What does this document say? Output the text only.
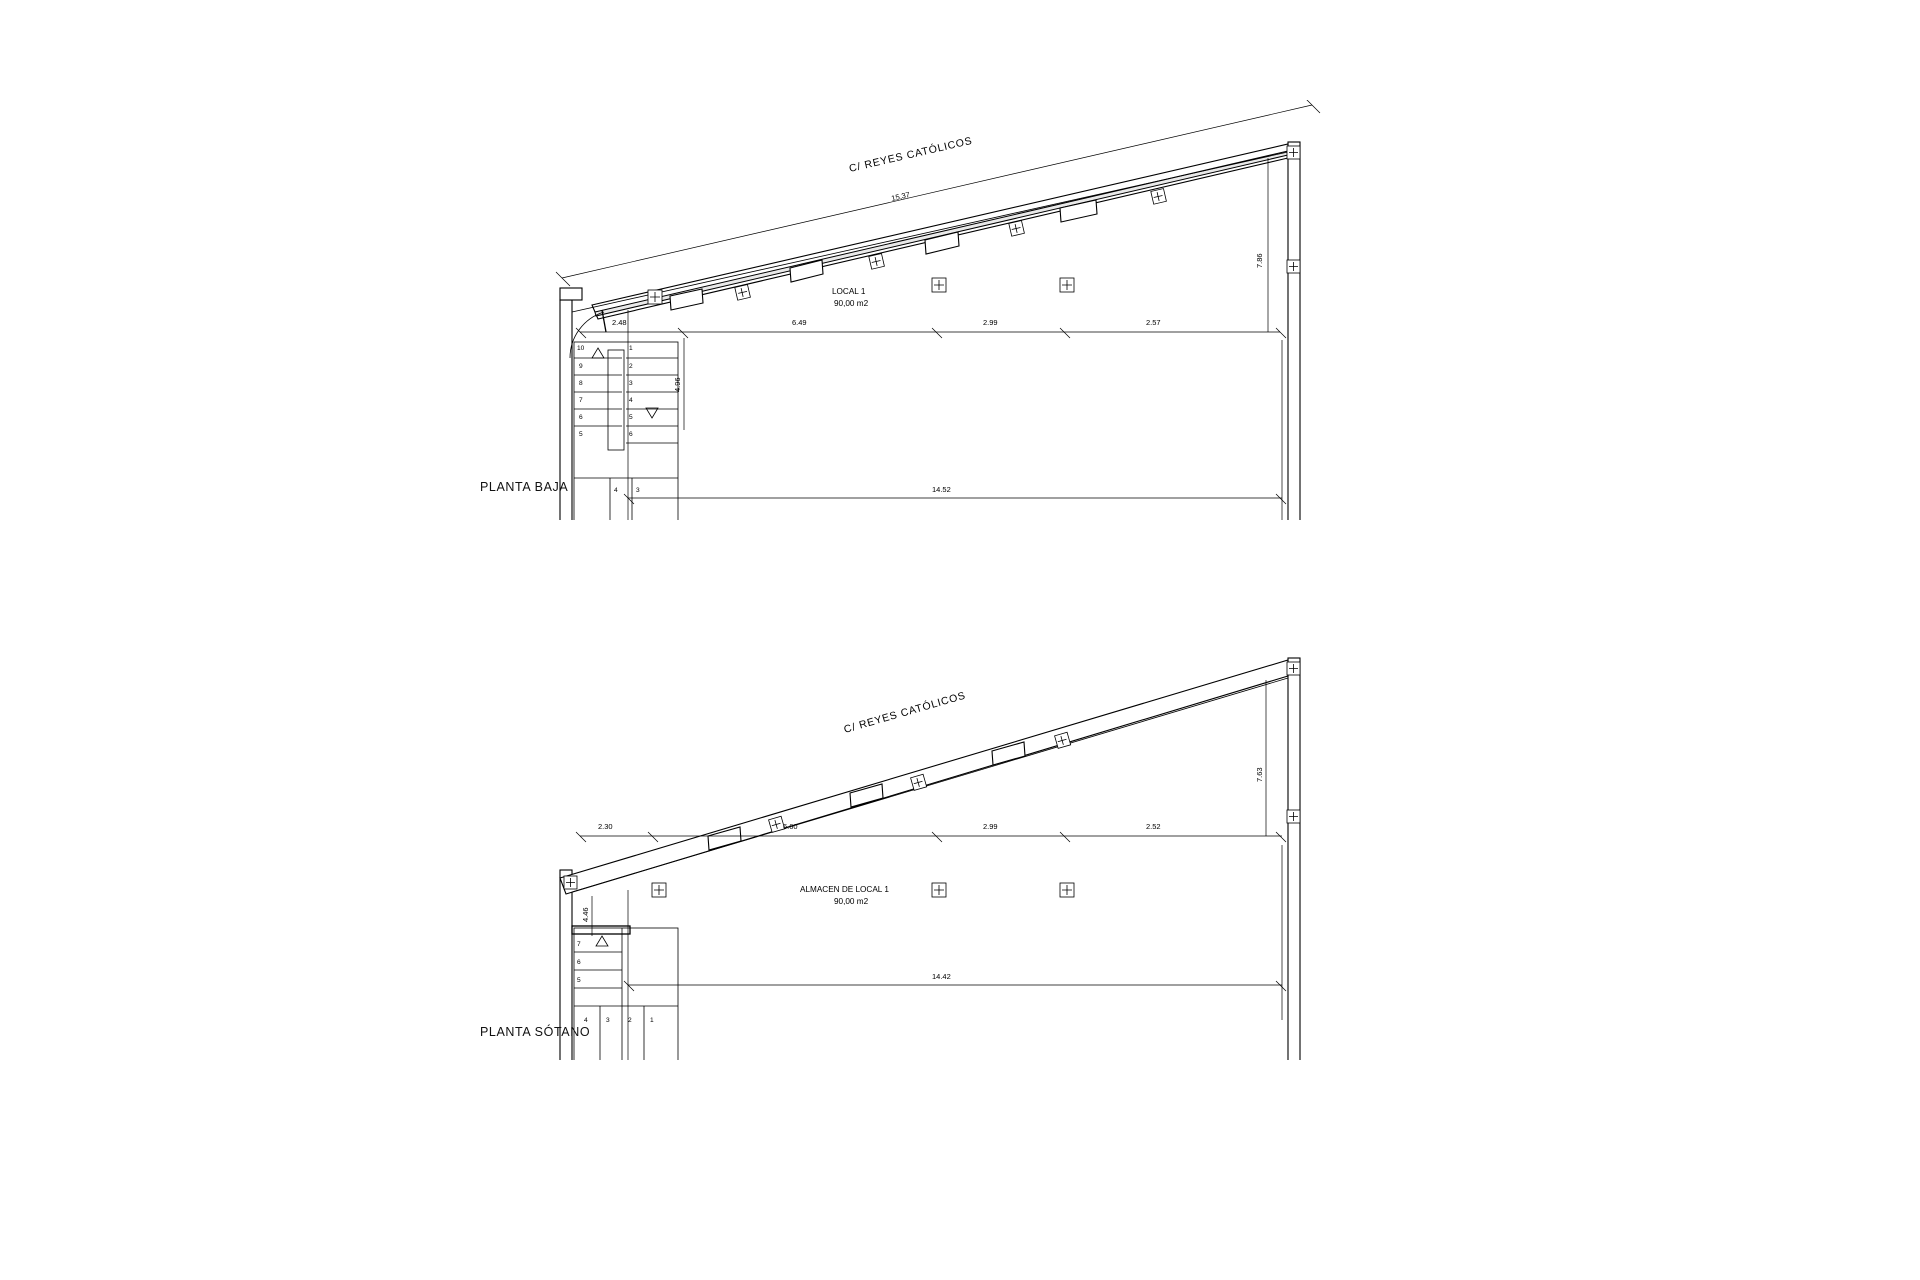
15,37
C/ REYES CATÓLICOS
2.48	6.49	2.99	2.57
14.52
7.86
4.96
10
9
8
7
6
5
1
2
3
4
5
6
4	3
LOCAL 1
90,00 m2
PLANTA BAJA
C/ REYES CATÓLICOS
2.30	6.60	2.99	2.52
14.42
7.63
4.46
7
6
5
4	3	2	1
ALMACEN DE LOCAL 1
90,00 m2
PLANTA SÓTANO
